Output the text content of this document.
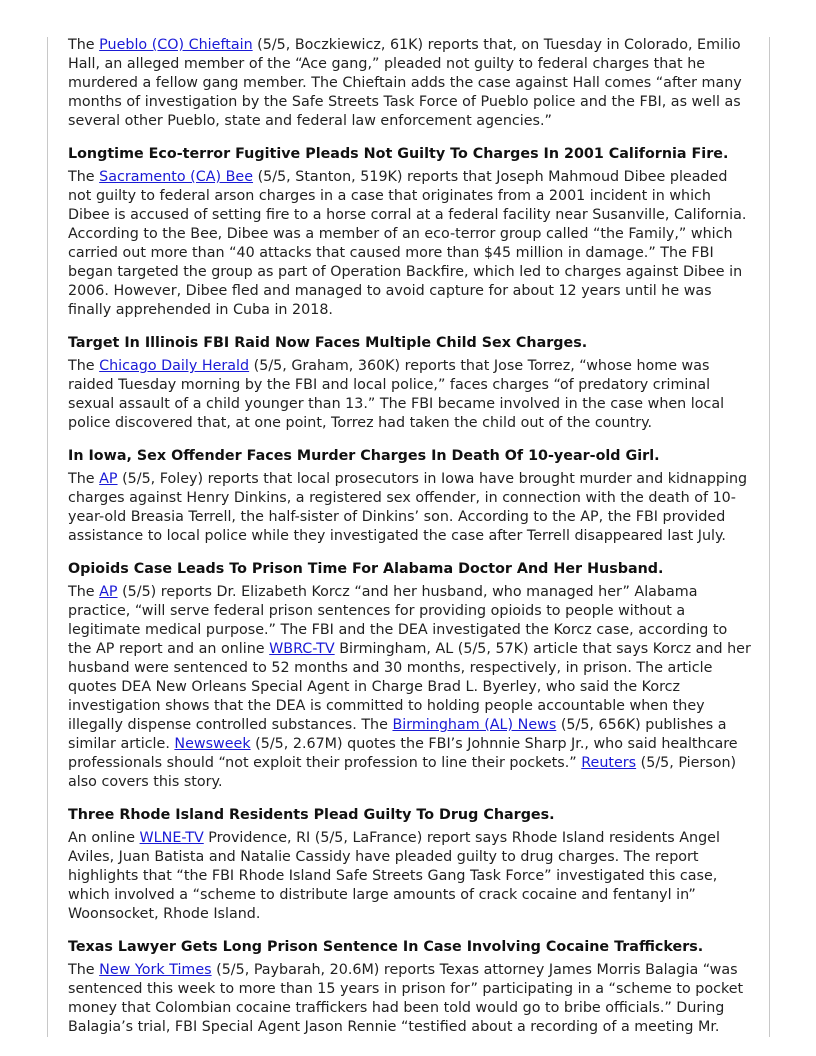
The Pueblo (CO) Chieftain (5/5, Boczkiewicz, 61K) reports that, on Tuesday in Colorado, Emilio Hall, an alleged member of the “Ace gang,” pleaded not guilty to federal charges that he murdered a fellow gang member. The Chieftain adds the case against Hall comes “after many months of investigation by the Safe Streets Task Force of Pueblo police and the FBI, as well as several other Pueblo, state and federal law enforcement agencies.”

Longtime Eco-terror Fugitive Pleads Not Guilty To Charges In 2001 California Fire.

The Sacramento (CA) Bee (5/5, Stanton, 519K) reports that Joseph Mahmoud Dibee pleaded not guilty to federal arson charges in a case that originates from a 2001 incident in which Dibee is accused of setting fire to a horse corral at a federal facility near Susanville, California. According to the Bee, Dibee was a member of an eco-terror group called “the Family,” which carried out more than “40 attacks that caused more than $45 million in damage.” The FBI began targeted the group as part of Operation Backfire, which led to charges against Dibee in 2006. However, Dibee fled and managed to avoid capture for about 12 years until he was finally apprehended in Cuba in 2018.

Target In Illinois FBI Raid Now Faces Multiple Child Sex Charges.

The Chicago Daily Herald (5/5, Graham, 360K) reports that Jose Torrez, “whose home was raided Tuesday morning by the FBI and local police,” faces charges “of predatory criminal sexual assault of a child younger than 13.” The FBI became involved in the case when local police discovered that, at one point, Torrez had taken the child out of the country.

In Iowa, Sex Offender Faces Murder Charges In Death Of 10-year-old Girl.

The AP (5/5, Foley) reports that local prosecutors in Iowa have brought murder and kidnapping charges against Henry Dinkins, a registered sex offender, in connection with the death of 10-year-old Breasia Terrell, the half-sister of Dinkins’ son. According to the AP, the FBI provided assistance to local police while they investigated the case after Terrell disappeared last July.

Opioids Case Leads To Prison Time For Alabama Doctor And Her Husband.

The AP (5/5) reports Dr. Elizabeth Korcz “and her husband, who managed her” Alabama practice, “will serve federal prison sentences for providing opioids to people without a legitimate medical purpose.” The FBI and the DEA investigated the Korcz case, according to the AP report and an online WBRC-TV Birmingham, AL (5/5, 57K) article that says Korcz and her husband were sentenced to 52 months and 30 months, respectively, in prison. The article quotes DEA New Orleans Special Agent in Charge Brad L. Byerley, who said the Korcz investigation shows that the DEA is committed to holding people accountable when they illegally dispense controlled substances. The Birmingham (AL) News (5/5, 656K) publishes a similar article. Newsweek (5/5, 2.67M) quotes the FBI’s Johnnie Sharp Jr., who said healthcare professionals should “not exploit their profession to line their pockets.” Reuters (5/5, Pierson) also covers this story.

Three Rhode Island Residents Plead Guilty To Drug Charges.

An online WLNE-TV Providence, RI (5/5, LaFrance) report says Rhode Island residents Angel Aviles, Juan Batista and Natalie Cassidy have pleaded guilty to drug charges. The report highlights that “the FBI Rhode Island Safe Streets Gang Task Force” investigated this case, which involved a “scheme to distribute large amounts of crack cocaine and fentanyl in” Woonsocket, Rhode Island.

Texas Lawyer Gets Long Prison Sentence In Case Involving Cocaine Traffickers.

The New York Times (5/5, Paybarah, 20.6M) reports Texas attorney James Morris Balagia “was sentenced this week to more than 15 years in prison for” participating in a “scheme to pocket money that Colombian cocaine traffickers had been told would go to bribe officials.” During Balagia’s trial, FBI Special Agent Jason Rennie “testified about a recording of a meeting Mr.
